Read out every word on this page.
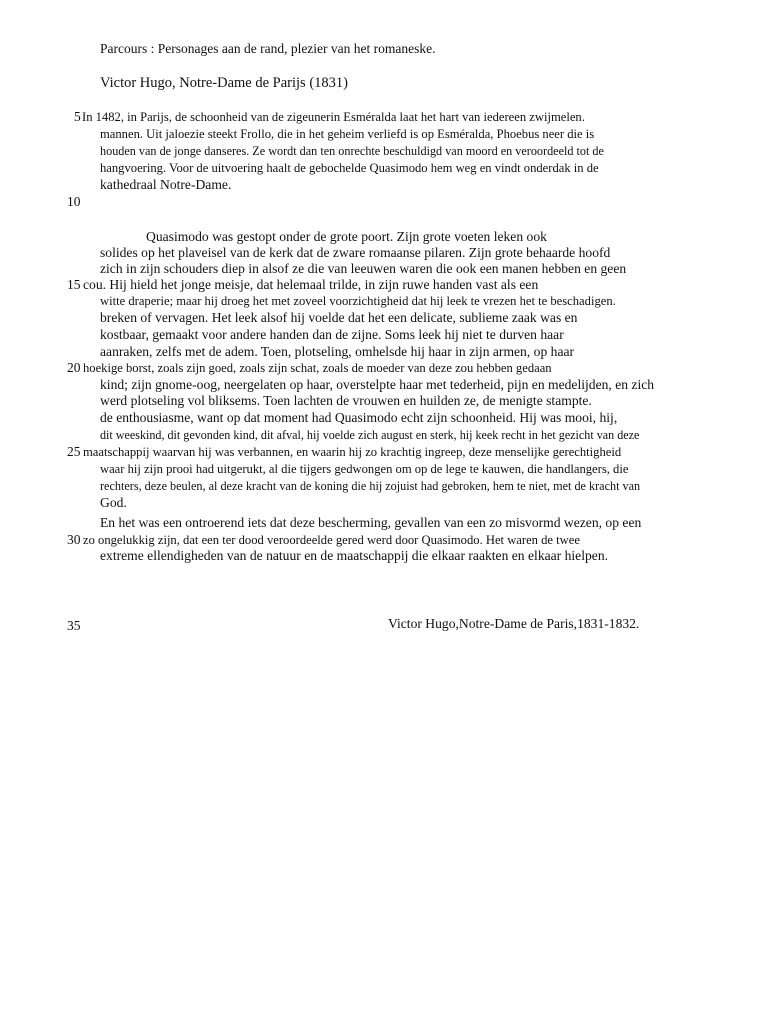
Parcours : Personages aan de rand, plezier van het romaneske.
Victor Hugo, Notre-Dame de Parijs (1831)
5 In 1482, in Parijs, de schoonheid van de zigeunerin Esméralda laat het hart van iedereen zwijmelen.
mannen. Uit jaloezie steekt Frollo, die in het geheim verliefd is op Esméralda, Phoebus neer die is
houden van de jonge danseres. Ze wordt dan ten onrechte beschuldigd van moord en veroordeeld tot de
hangvoering. Voor de uitvoering haalt de gebochelde Quasimodo hem weg en vindt onderdak in de
kathedraal Notre-Dame.
10
Quasimodo was gestopt onder de grote poort. Zijn grote voeten leken ook
solides op het plaveisel van de kerk dat de zware romaanse pilaren. Zijn grote behaarde hoofd
zich in zijn schouders diep in alsof ze die van leeuwen waren die ook een manen hebben en geen
15 cou. Hij hield het jonge meisje, dat helemaal trilde, in zijn ruwe handen vast als een
witte draperie; maar hij droeg het met zoveel voorzichtigheid dat hij leek te vrezen het te beschadigen.
breken of vervagen. Het leek alsof hij voelde dat het een delicate, sublieme zaak was en
kostbaar, gemaakt voor andere handen dan de zijne. Soms leek hij niet te durven haar
aanraken, zelfs met de adem. Toen, plotseling, omhelsde hij haar in zijn armen, op haar
20 hoekige borst, zoals zijn goed, zoals zijn schat, zoals de moeder van deze zou hebben gedaan
kind; zijn gnome-oog, neergelaten op haar, overstelpte haar met tederheid, pijn en medelijden, en zich
werd plotseling vol bliksems. Toen lachten de vrouwen en huilden ze, de menigte stampte.
de enthousiasme, want op dat moment had Quasimodo echt zijn schoonheid. Hij was mooi, hij,
dit weeskind, dit gevonden kind, dit afval, hij voelde zich august en sterk, hij keek recht in het gezicht van deze
25 maatschappij waarvan hij was verbannen, en waarin hij zo krachtig ingreep, deze menselijke gerechtigheid
waar hij zijn prooi had uitgerukt, al die tijgers gedwongen om op de lege te kauwen, die handlangers, die
rechters, deze beulen, al deze kracht van de koning die hij zojuist had gebroken, hem te niet, met de kracht van
God.
En het was een ontroerend iets dat deze bescherming, gevallen van een zo misvormd wezen, op een
30 zo ongelukkig zijn, dat een ter dood veroordeelde gered werd door Quasimodo. Het waren de twee
extreme ellendigheden van de natuur en de maatschappij die elkaar raakten en elkaar hielpen.
35	Victor Hugo,Notre-Dame de Paris,1831-1832.
